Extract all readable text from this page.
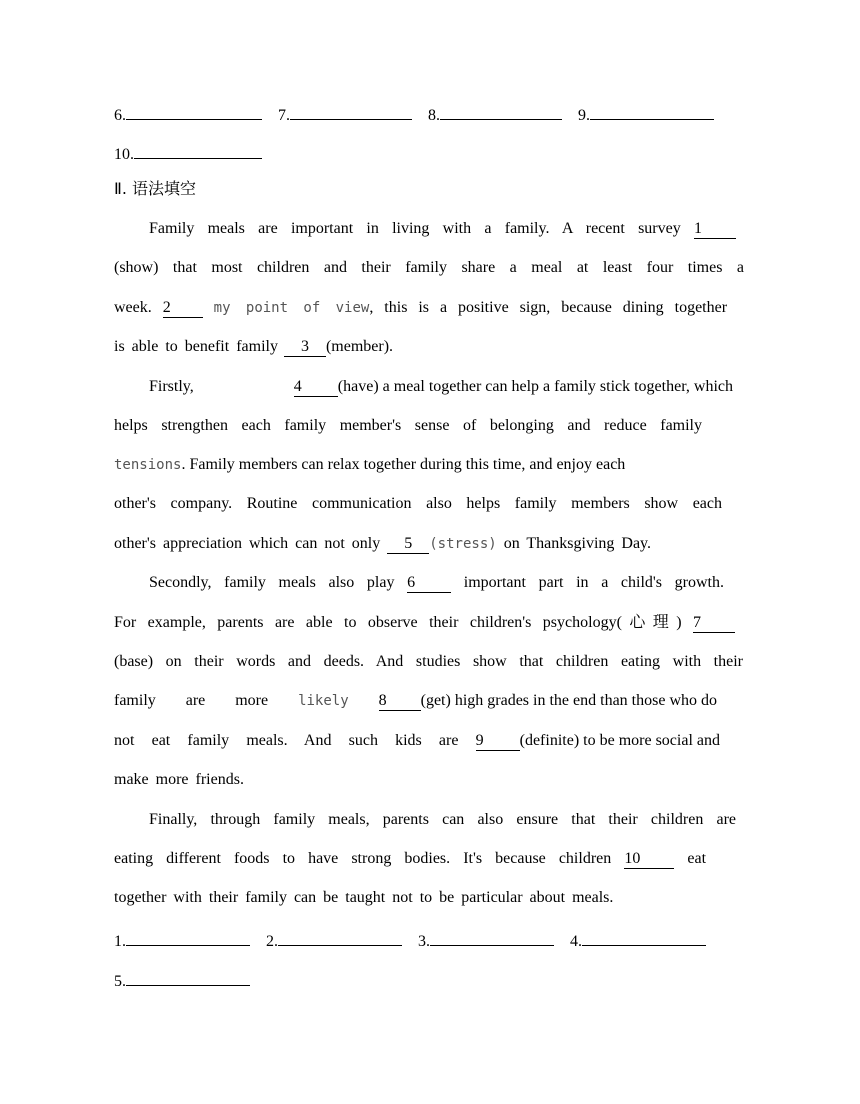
6.	7.	8.	9.
10.
Ⅱ. 语法填空
Family meals are important in living with a family. A recent survey 1
(show) that most children and their family share a meal at least four times a
week. 2	my point of view, this is a positive sign, because dining together
is able to benefit family 3 (member).
Firstly,	4 (have) a meal together can help a family stick together, which
helps strengthen each family member's sense of belonging and reduce family
tensions. Family members can relax together during this time, and enjoy each
other's company. Routine communication also helps family members show each
other's appreciation which can not only 5 (stress) on Thanksgiving Day.
Secondly, family meals also play 6	important part in a child's growth.
For example, parents are able to observe their children's psychology(心理) 7
(base) on their words and deeds. And studies show that children eating with their
family are more likely 8 (get) high grades in the end than those who do
not eat family meals. And such kids are 9 (definite) to be more social and
make more friends.
Finally, through family meals, parents can also ensure that their children are
eating different foods to have strong bodies. It's because children 10	eat
together with their family can be taught not to be particular about meals.
1.	2.	3.	4.
5.
